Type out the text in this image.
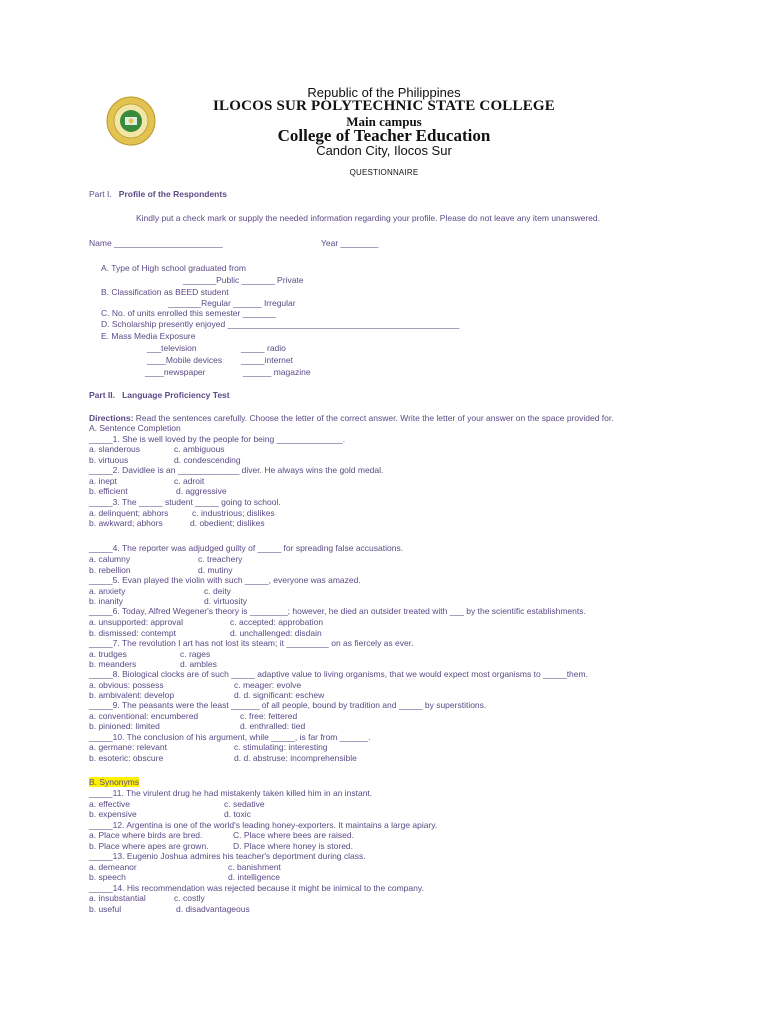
Republic of the Philippines
ILOCOS SUR POLYTECHNIC STATE COLLEGE
Main campus
College of Teacher Education
Candon City, Ilocos Sur
QUESTIONNAIRE
Part I. Profile of the Respondents
Kindly put a check mark or supply the needed information regarding your profile. Please do not leave any item unanswered.
Name _______________________	Year ________
A. Type of High school graduated from
_______Public _______ Private
B. Classification as BEED student
_______Regular ______ Irregular
C. No. of units enrolled this semester _______
D. Scholarship presently enjoyed _________________________________________________
E. Mass Media Exposure
___television	_____ radio
____Mobile devices _____internet
____newspaper	______ magazine
Part II. Language Proficiency Test
Directions: Read the sentences carefully. Choose the letter of the correct answer. Write the letter of your answer on the space provided for.
A. Sentence Completion
_____1. She is well loved by the people for being ______________.
a. slanderous	c. ambiguous
b. virtuous	d. condescending
_____2. Davidlee is an _____________ diver. He always wins the gold medal.
a. inept	c. adroit
b. efficient	d. aggressive
_____3. The _____ student _____ going to school.
a. delinquent; abhors	c. industrious; dislikes
b. awkward; abhors	d. obedient; dislikes
_____4. The reporter was adjudged guilty of _____ for spreading false accusations.
a. calumny	c. treachery
b. rebellion	d. mutiny
_____5. Evan played the violin with such _____, everyone was amazed.
a. anxiety	c. deity
b. inanity	d. virtuosity
_____6. Today, Alfred Wegener's theory is ________; however, he died an outsider treated with ___ by the scientific establishments.
a. unsupported: approval	c. accepted: approbation
b. dismissed: contempt	d. unchallenged: disdain
_____7. The revolution I art has not lost its steam; it _________ on as fiercely as ever.
a. trudges	c. rages
b. meanders	d. ambles
_____8. Biological clocks are of such _____ adaptive value to living organisms, that we would expect most organisms to _____them.
a. obvious: possess	c. meager: evolve
b. ambivalent: develop	d. d. significant: eschew
_____9. The peasants were the least ______ of all people, bound by tradition and _____ by superstitions.
a. conventional: encumbered	c. free: fettered
b. pinioned: limited	d. enthralled: tied
_____10. The conclusion of his argument, while _____, is far from ______.
a. germane: relevant	c. stimulating: interesting
b. esoteric: obscure	d. d. abstruse: incomprehensible
B. Synonyms
_____11. The virulent drug he had mistakenly taken killed him in an instant.
a. effective	c. sedative
b. expensive	d. toxic
_____12. Argentina is one of the world's leading honey-exporters. It maintains a large apiary.
a. Place where birds are bred.	C. Place where bees are raised.
b. Place where apes are grown.	D. Place where honey is stored.
_____13. Eugenio Joshua admires his teacher's deportment during class.
a. demeanor	c. banishment
b. speech	d. intelligence
_____14. His recommendation was rejected because it might be inimical to the company.
a. insubstantial	c. costly
b. useful	d. disadvantageous
